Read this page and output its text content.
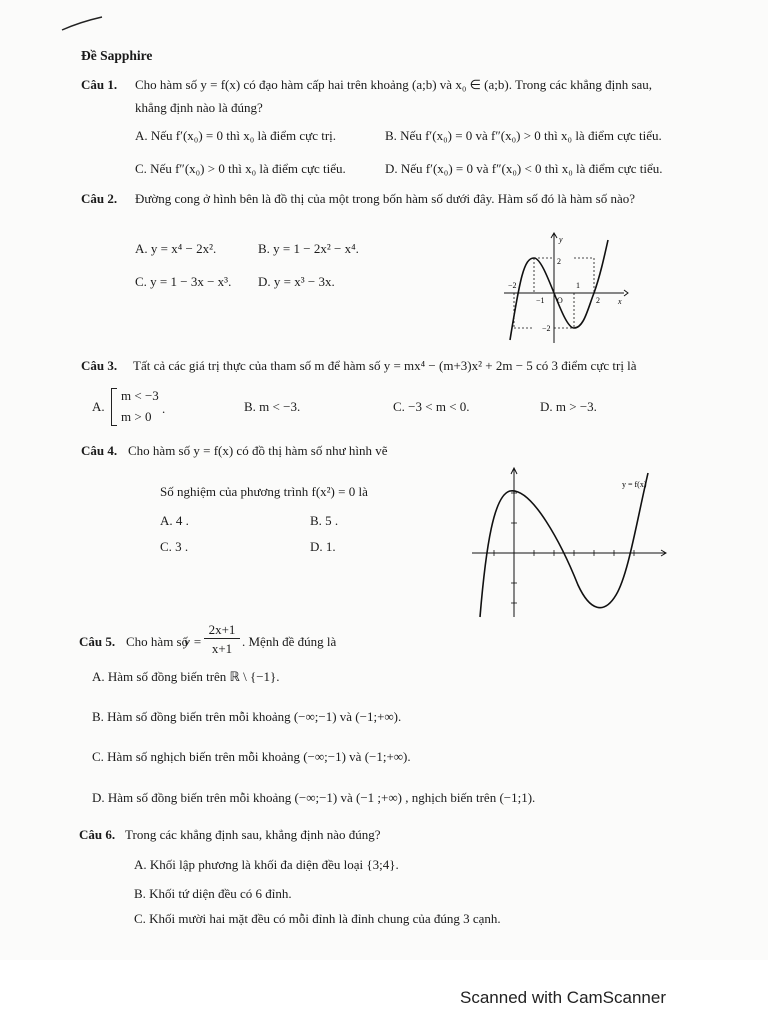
Đề Sapphire
Câu 1. Cho hàm số y = f(x) có đạo hàm cấp hai trên khoảng (a;b) và x₀ ∈ (a;b). Trong các khẳng định sau,
khẳng định nào là đúng?
A. Nếu f′(x₀) = 0 thì x₀ là điểm cực trị.	B. Nếu f′(x₀) = 0 và f″(x₀) > 0 thì x₀ là điểm cực tiểu.
C. Nếu f″(x₀) > 0 thì x₀ là điểm cực tiểu.	D. Nếu f′(x₀) = 0 và f″(x₀) < 0 thì x₀ là điểm cực tiểu.
Câu 2. Đường cong ở hình bên là đồ thị của một trong bốn hàm số dưới đây. Hàm số đó là hàm số nào?
A. y = x⁴ − 2x².	B. y = 1 − 2x² − x⁴.
C. y = 1 − 3x − x³. D. y = x³ − 3x.
y
x
O
2
−2
−1
1
2
−2
Câu 3. Tất cả các giá trị thực của tham số m để hàm số y = mx⁴ − (m+3)x² + 2m − 5 có 3 điểm cực trị là
A.
m < −3
m > 0
.	B. m < −3.	C. −3 < m < 0.	D. m > −3.
Câu 4. Cho hàm số y = f(x) có đồ thị hàm số như hình vẽ
Số nghiệm của phương trình f(x²) = 0 là
A. 4 .	B. 5 .
C. 3 .	D. 1.
y = f(x)
Câu 5. Cho hàm số
y =
2x+1
x+1 . Mệnh đề đúng là
A. Hàm số đồng biến trên ℝ \ {−1}.
B. Hàm số đồng biến trên mỗi khoảng (−∞;−1) và (−1;+∞).
C. Hàm số nghịch biến trên mỗi khoảng (−∞;−1) và (−1;+∞).
D. Hàm số đồng biến trên mỗi khoảng (−∞;−1) và (−1 ;+∞) , nghịch biến trên (−1;1).
Câu 6. Trong các khẳng định sau, khẳng định nào đúng?
A. Khối lập phương là khối đa diện đều loại {3;4}.
B. Khối tứ diện đều có 6 đỉnh.
C. Khối mười hai mặt đều có mỗi đỉnh là đỉnh chung của đúng 3 cạnh.
Scanned with CamScanner
